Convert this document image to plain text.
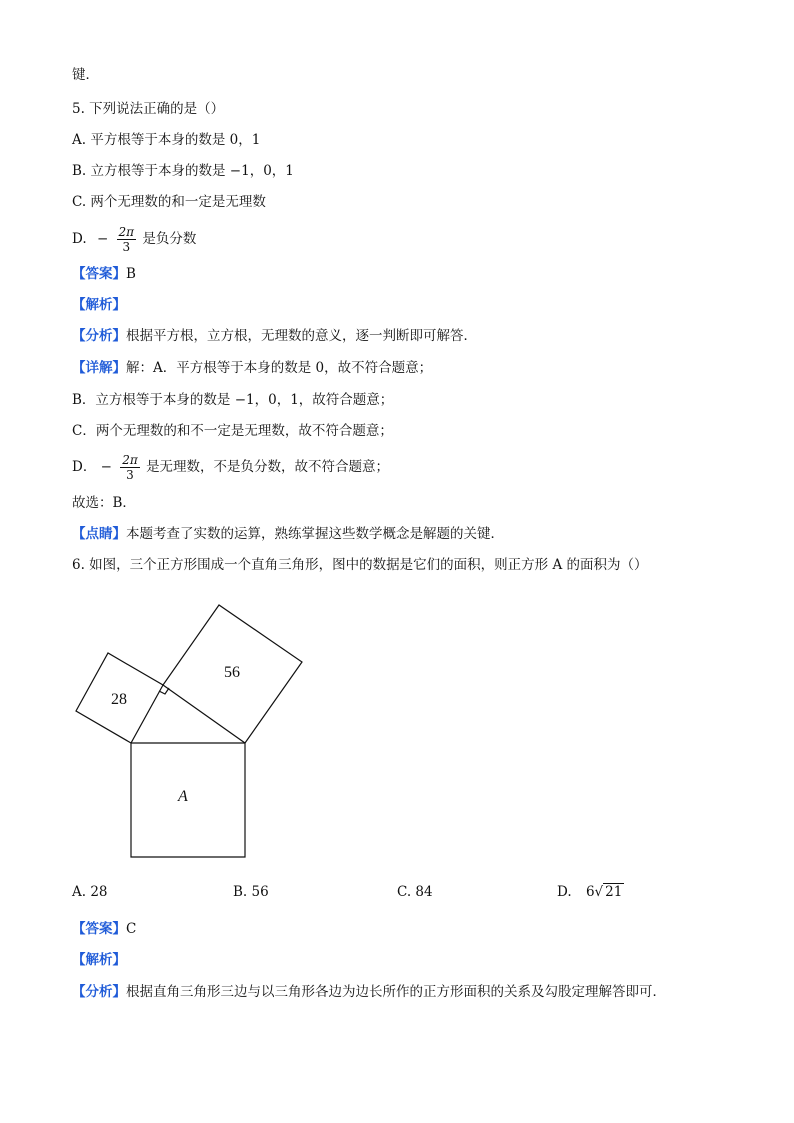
键．
5. 下列说法正确的是（）
A. 平方根等于本身的数是 0，1
B. 立方根等于本身的数是 −1，0，1
C. 两个无理数的和一定是无理数
D. − $\frac{2\pi}{3}$ 是负分数
【答案】B
【解析】
【分析】根据平方根，立方根，无理数的意义，逐一判断即可解答．
【详解】解：A．平方根等于本身的数是 0，故不符合题意；
B．立方根等于本身的数是 −1，0，1，故符合题意；
C．两个无理数的和不一定是无理数，故不符合题意；
D． − $\frac{2\pi}{3}$ 是无理数，不是负分数，故不符合题意；
故选：B．
【点睛】本题考查了实数的运算，熟练掌握这些数学概念是解题的关键．
6. 如图，三个正方形围成一个直角三角形，图中的数据是它们的面积，则正方形 A 的面积为（）
28
56
A
A. 28	B. 56	C. 84	D. 6√ 21
【答案】C
【解析】
【分析】根据直角三角形三边与以三角形各边为边长所作的正方形面积的关系及勾股定理解答即可．
